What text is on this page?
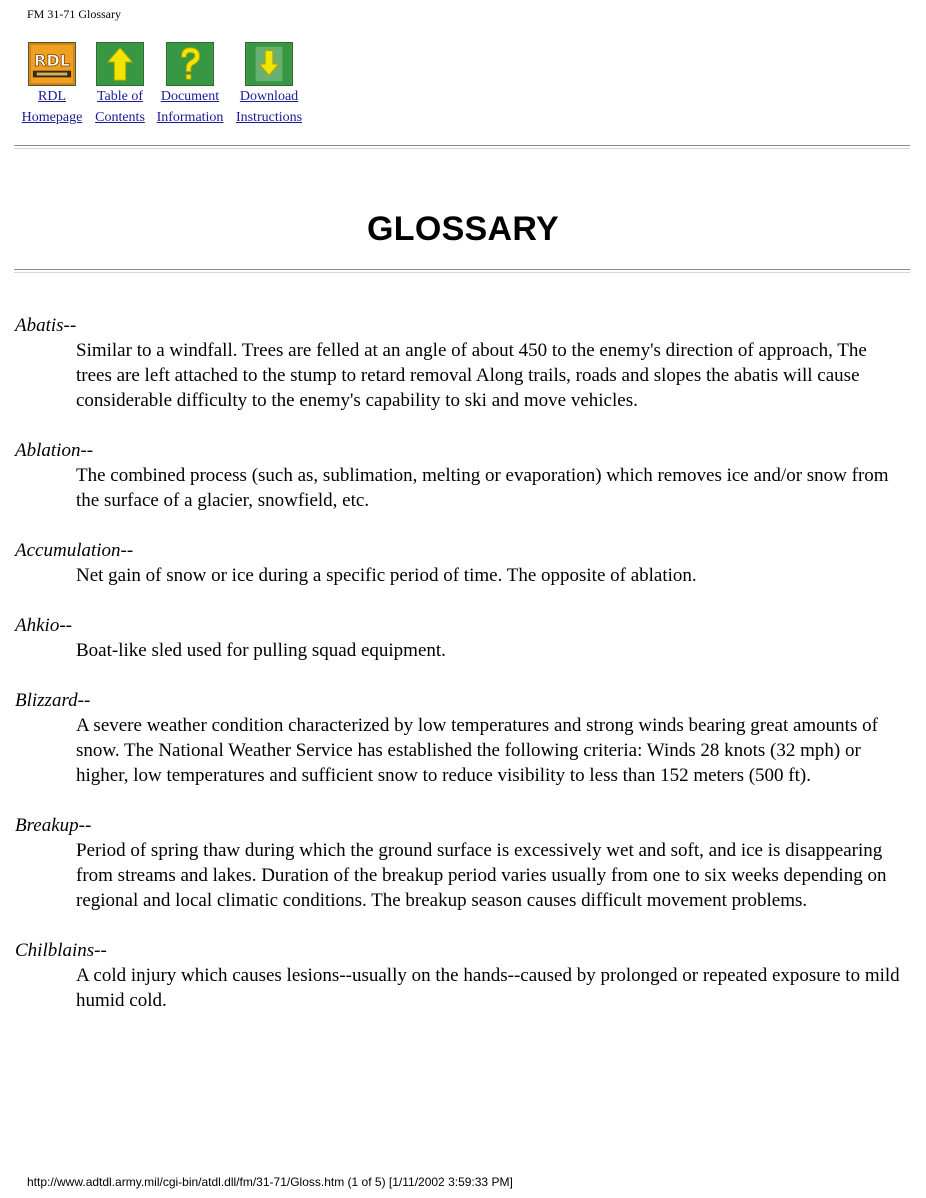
FM 31-71 Glossary
RDL
RDL
Homepage
Table of
Contents
Document
Information
Download
Instructions
GLOSSARY
Abatis--
Similar to a windfall. Trees are felled at an angle of about 450 to the enemy's direction of approach, The trees are left attached to the stump to retard removal Along trails, roads and slopes the abatis will cause considerable difficulty to the enemy's capability to ski and move vehicles.
Ablation--
The combined process (such as, sublimation, melting or evaporation) which removes ice and/or snow from the surface of a glacier, snowfield, etc.
Accumulation--
Net gain of snow or ice during a specific period of time. The opposite of ablation.
Ahkio--
Boat-like sled used for pulling squad equipment.
Blizzard--
A severe weather condition characterized by low temperatures and strong winds bearing great amounts of snow. The National Weather Service has established the following criteria: Winds 28 knots (32 mph) or higher, low temperatures and sufficient snow to reduce visibility to less than 152 meters (500 ft).
Breakup--
Period of spring thaw during which the ground surface is excessively wet and soft, and ice is disappearing from streams and lakes. Duration of the breakup period varies usually from one to six weeks depending on regional and local climatic conditions. The breakup season causes difficult movement problems.
Chilblains--
A cold injury which causes lesions--usually on the hands--caused by prolonged or repeated exposure to mild humid cold.
http://www.adtdl.army.mil/cgi-bin/atdl.dll/fm/31-71/Gloss.htm (1 of 5) [1/11/2002 3:59:33 PM]
